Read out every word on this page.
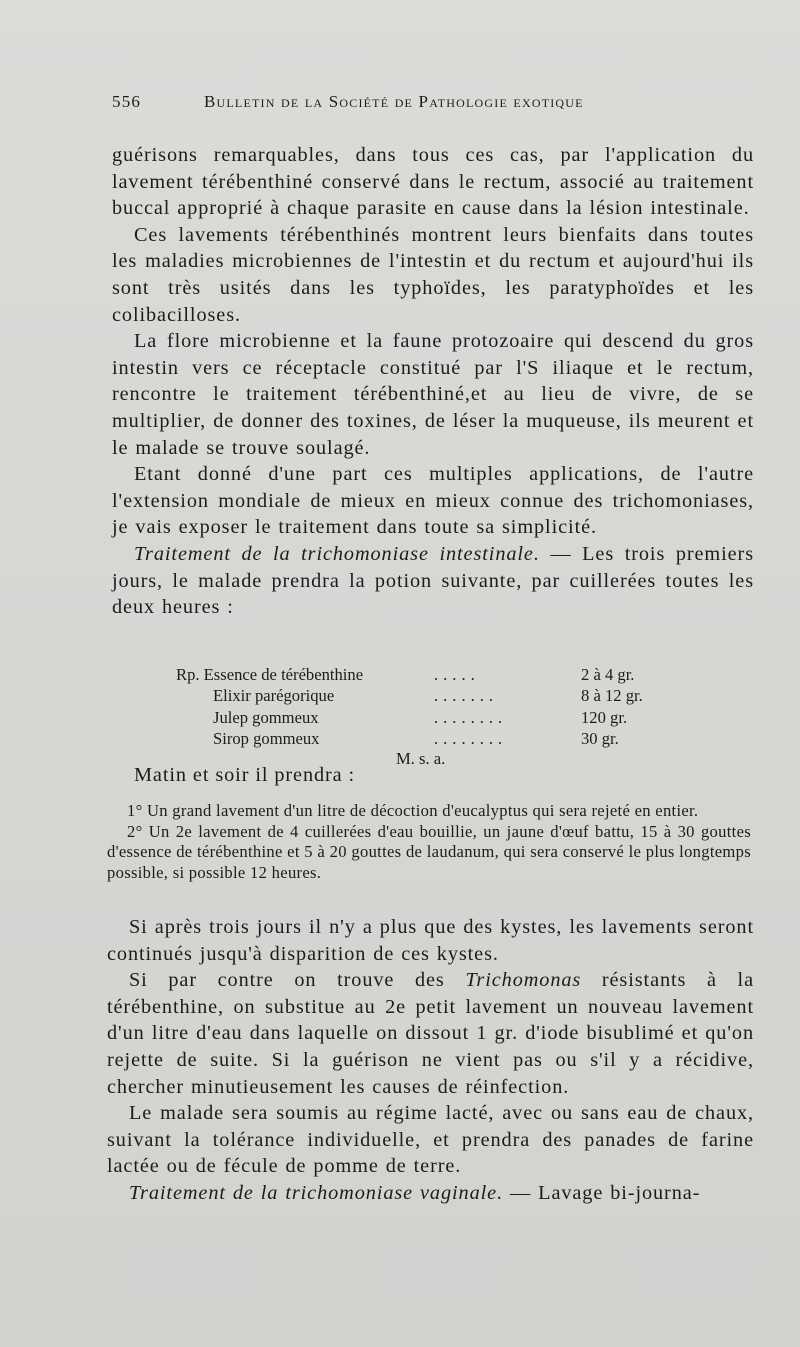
556	Bulletin de la Société de Pathologie exotique

guérisons remarquables, dans tous ces cas, par l'application du lavement térébenthiné conservé dans le rectum, associé au traitement buccal approprié à chaque parasite en cause dans la lésion intestinale.

Ces lavements térébenthinés montrent leurs bienfaits dans toutes les maladies microbiennes de l'intestin et du rectum et aujourd'hui ils sont très usités dans les typhoïdes, les paratyphoïdes et les colibacilloses.

La flore microbienne et la faune protozoaire qui descend du gros intestin vers ce réceptacle constitué par l'S iliaque et le rectum, rencontre le traitement térébenthiné,et au lieu de vivre, de se multiplier, de donner des toxines, de léser la muqueuse, ils meurent et le malade se trouve soulagé.

Etant donné d'une part ces multiples applications, de l'autre l'extension mondiale de mieux en mieux connue des trichomoniases, je vais exposer le traitement dans toute sa simplicité.

Traitement de la trichomoniase intestinale. — Les trois premiers jours, le malade prendra la potion suivante, par cuillerées toutes les deux heures :

Rp. Essence de térébenthine	.....	2 à 4 gr.
Elixir parégorique	.......	8 à 12 gr.
Julep gommeux	........	120 gr.
Sirop gommeux	........	30 gr.
M. s. a.
Matin et soir il prendra :

1° Un grand lavement d'un litre de décoction d'eucalyptus qui sera rejeté en entier.

2° Un 2e lavement de 4 cuillerées d'eau bouillie, un jaune d'œuf battu, 15 à 30 gouttes d'essence de térébenthine et 5 à 20 gouttes de laudanum, qui sera conservé le plus longtemps possible, si possible 12 heures.

Si après trois jours il n'y a plus que des kystes, les lavements seront continués jusqu'à disparition de ces kystes.

Si par contre on trouve des Trichomonas résistants à la térébenthine, on substitue au 2e petit lavement un nouveau lavement d'un litre d'eau dans laquelle on dissout 1 gr. d'iode bisublimé et qu'on rejette de suite. Si la guérison ne vient pas ou s'il y a récidive, chercher minutieusement les causes de réinfection.

Le malade sera soumis au régime lacté, avec ou sans eau de chaux, suivant la tolérance individuelle, et prendra des panades de farine lactée ou de fécule de pomme de terre.

Traitement de la trichomoniase vaginale. — Lavage bi-journa-
